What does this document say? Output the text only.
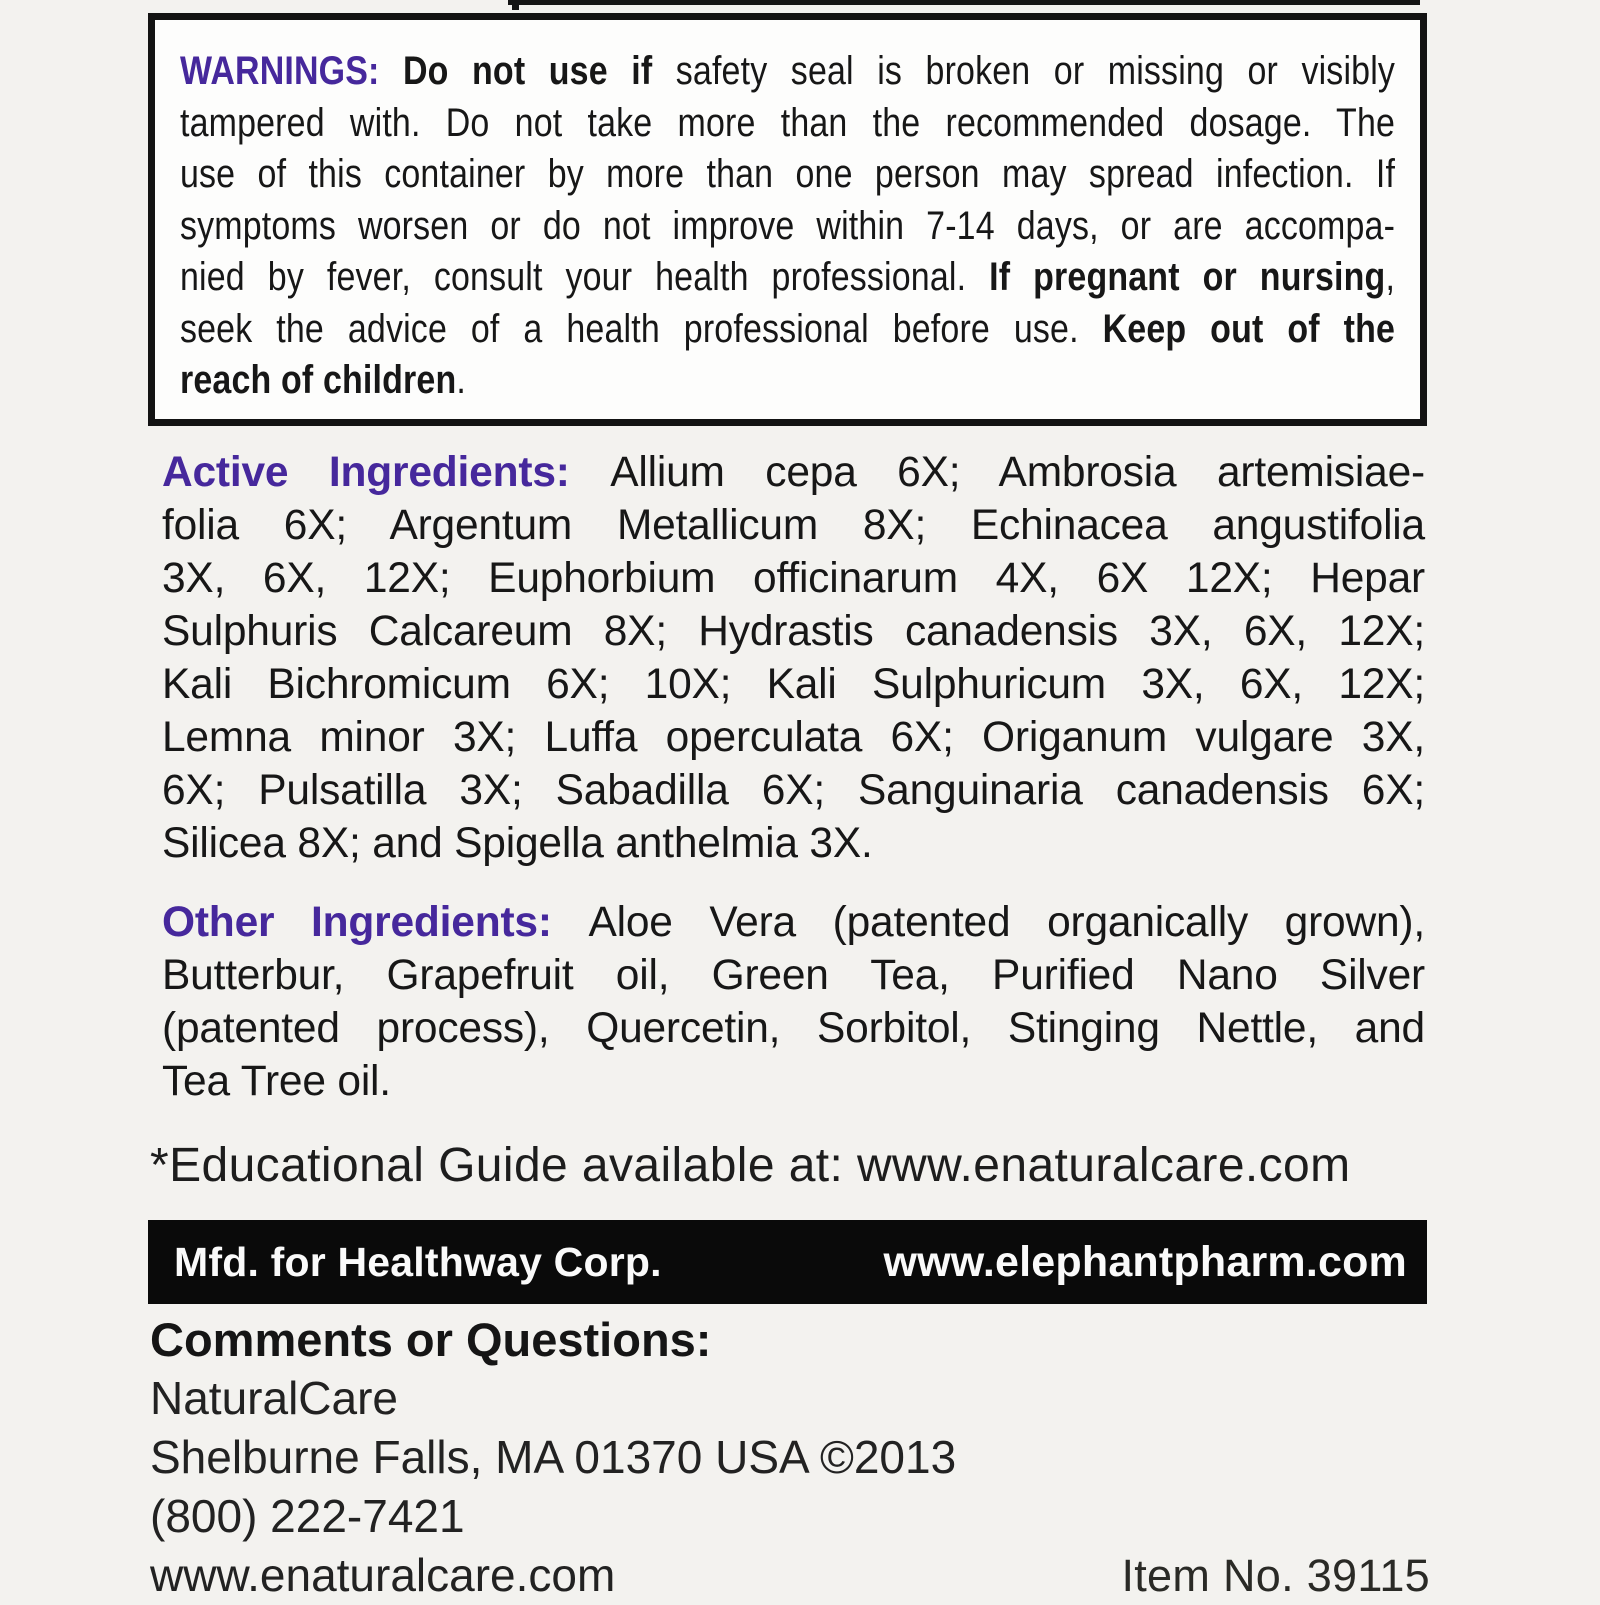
WARNINGS: Do not use if safety seal is broken or missing or visibly
tampered with. Do not take more than the recommended dosage. The
use of this container by more than one person may spread infection. If
symptoms worsen or do not improve within 7-14 days, or are accompa-
nied by fever, consult your health professional. If pregnant or nursing,
seek the advice of a health professional before use. Keep out of the
reach of children.
Active Ingredients: Allium cepa 6X; Ambrosia artemisiae-
folia 6X; Argentum Metallicum 8X; Echinacea angustifolia
3X, 6X, 12X; Euphorbium officinarum 4X, 6X 12X; Hepar
Sulphuris Calcareum 8X; Hydrastis canadensis 3X, 6X, 12X;
Kali Bichromicum 6X; 10X; Kali Sulphuricum 3X, 6X, 12X;
Lemna minor 3X; Luffa operculata 6X; Origanum vulgare 3X,
6X; Pulsatilla 3X; Sabadilla 6X; Sanguinaria canadensis 6X;
Silicea 8X; and Spigella anthelmia 3X.
Other Ingredients: Aloe Vera (patented organically grown),
Butterbur, Grapefruit oil, Green Tea, Purified Nano Silver
(patented process), Quercetin, Sorbitol, Stinging Nettle, and
Tea Tree oil.
*Educational Guide available at: www.enaturalcare.com
Mfd. for Healthway Corp.	www.elephantpharm.com
Comments or Questions:
NaturalCare
Shelburne Falls, MA 01370 USA ©2013
(800) 222-7421
www.enaturalcare.com	Item No. 39115
